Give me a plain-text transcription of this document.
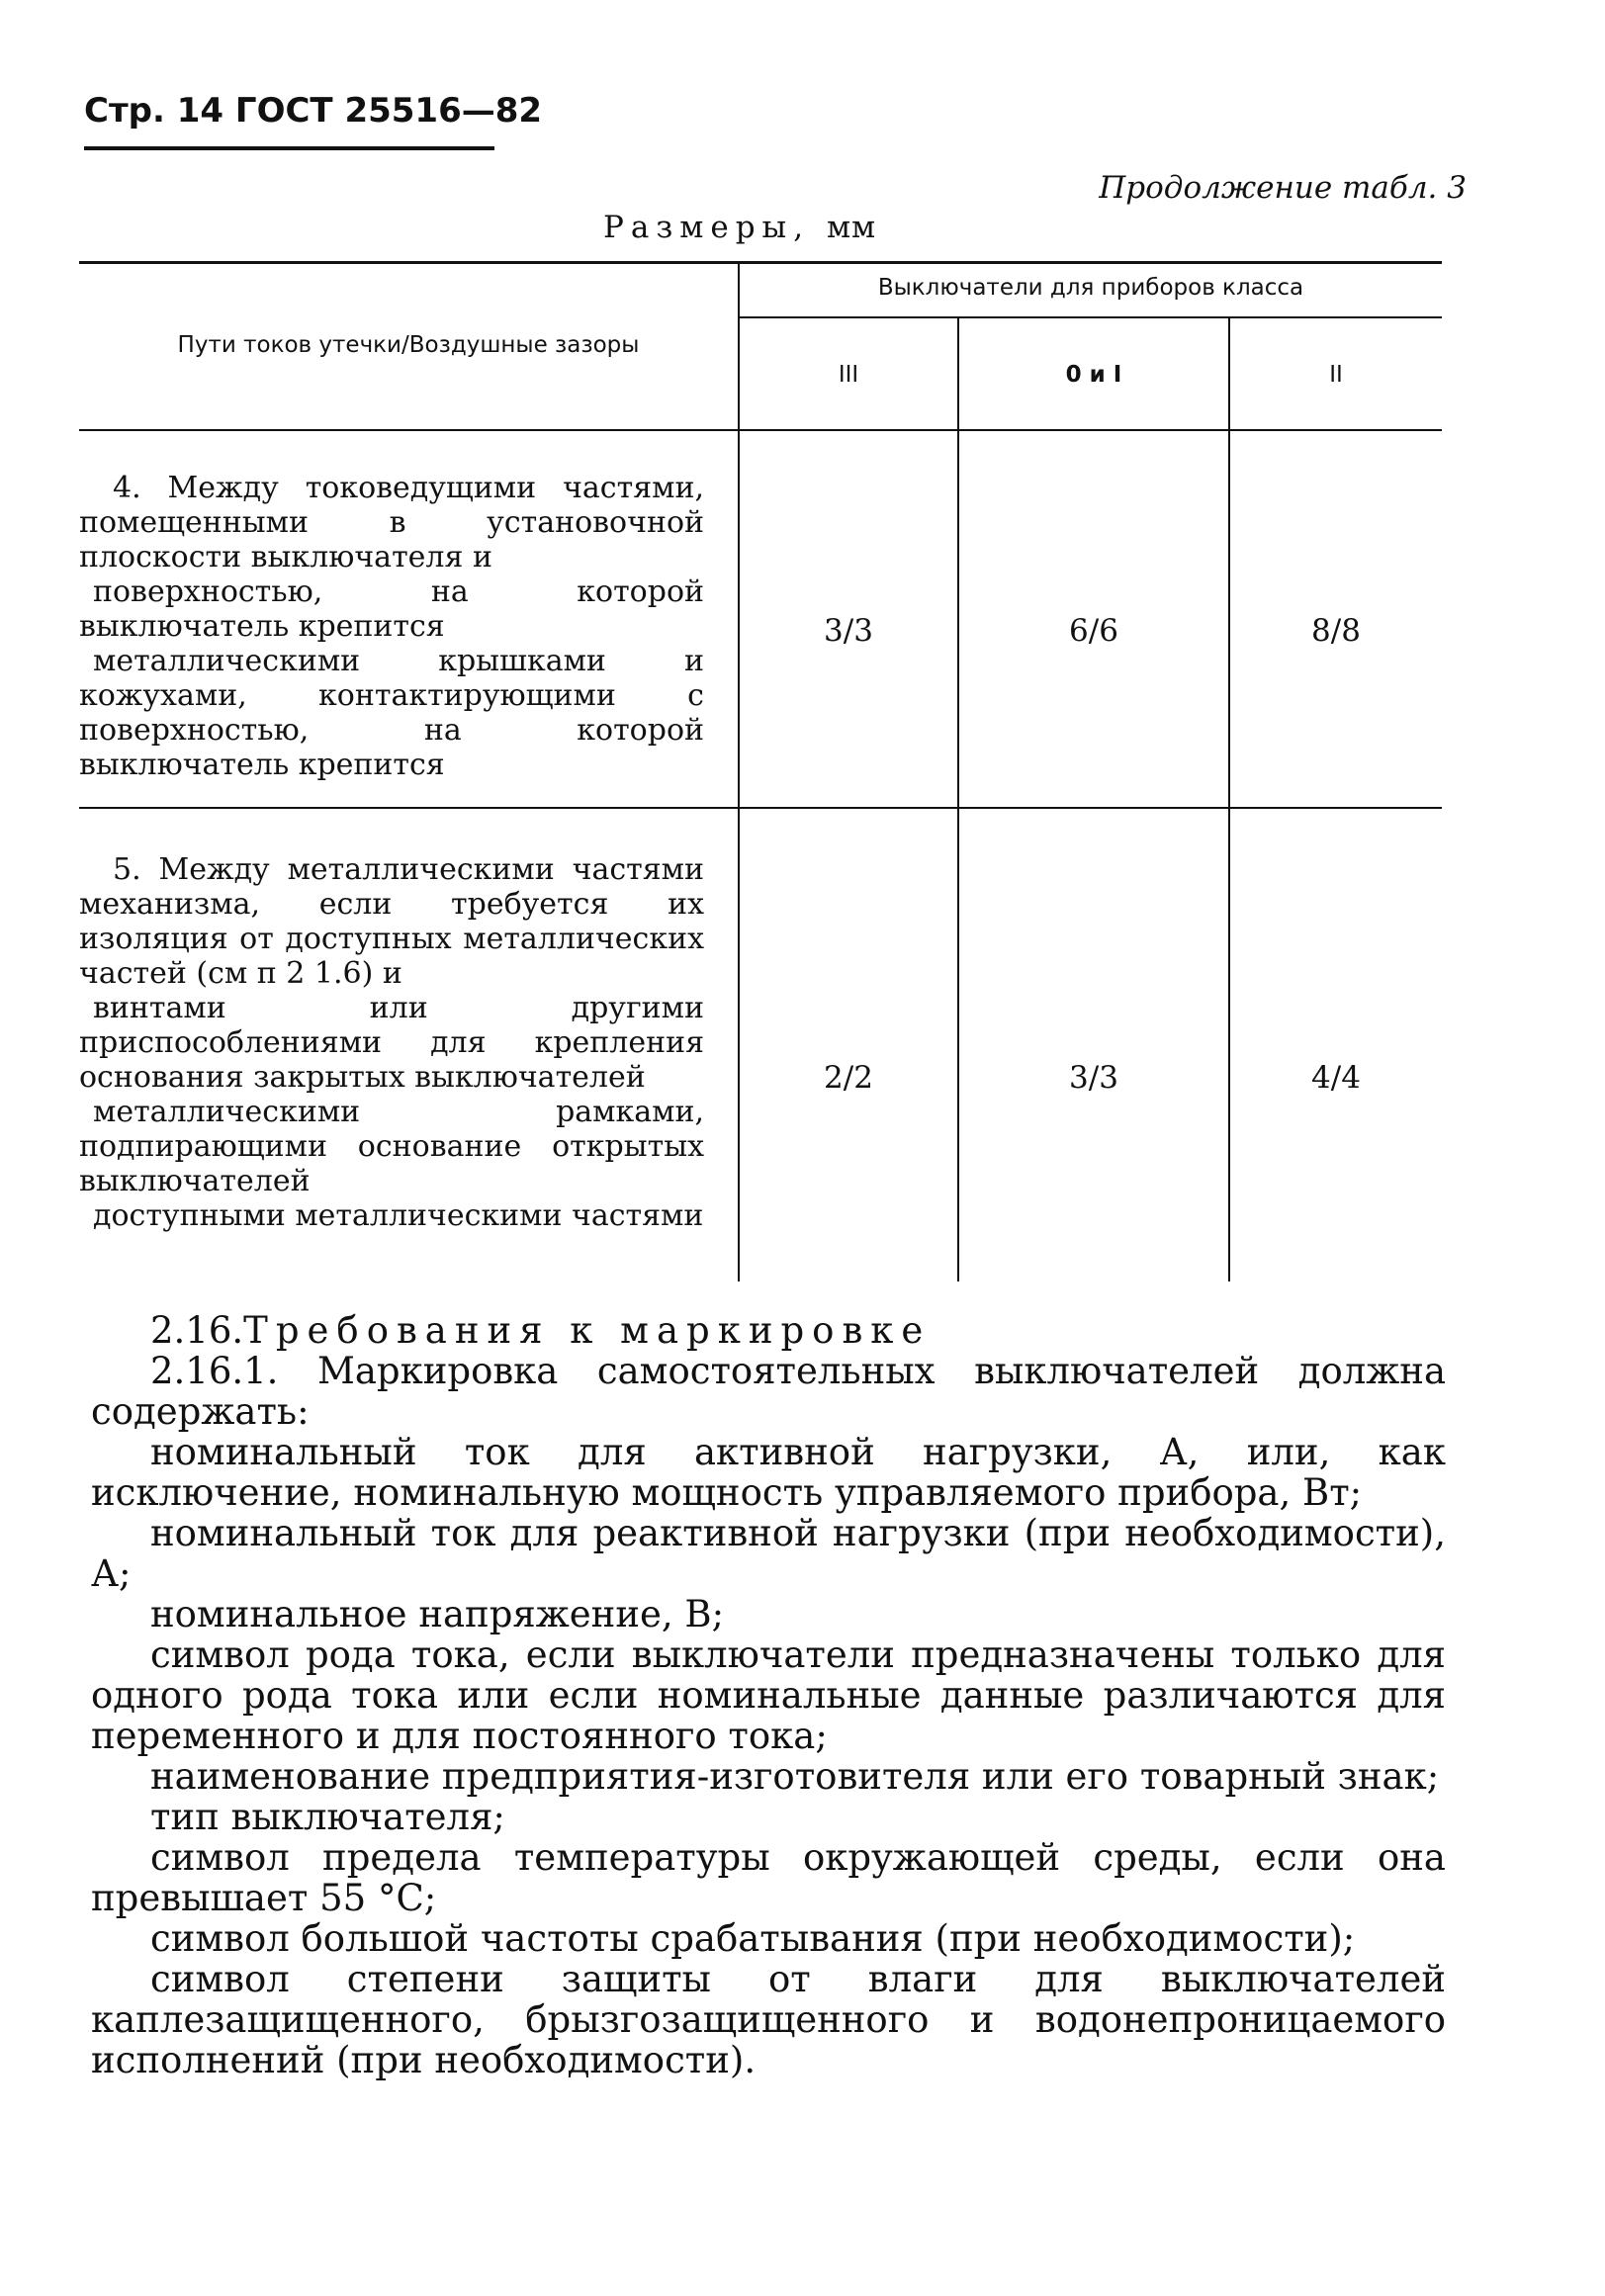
Стр. 14 ГОСТ 25516—82
Продолжение табл. 3
Размеры, мм
Пути токов утечки/Воздушные зазоры
Выключатели для приборов класса
III	0 и I	II
4. Между токоведущими частями, помещенными в установочной плоскости выключателя и
поверхностью, на которой выключатель крепится
металлическими крышками и кожухами, контактирующими с поверхностью, на которой выключатель крепится
3/3	6/6	8/8
5. Между металлическими частями механизма, если требуется их изоляция от доступных металлических частей (см п 2 1.6) и
винтами или другими приспособлениями для крепления основания закрытых выключателей
металлическими рамками, подпирающими основание открытых выключателей
доступными металлическими частями
2/2	3/3	4/4

2.16.Требования к маркировке

2.16.1. Маркировка самостоятельных выключателей должна содержать:

номинальный ток для активной нагрузки, А, или, как исключение, номинальную мощность управляемого прибора, Вт;

номинальный ток для реактивной нагрузки (при необходимости), А;

номинальное напряжение, В;

символ рода тока, если выключатели предназначены только для одного рода тока или если номинальные данные различаются для переменного и для постоянного тока;

наименование предприятия-изготовителя или его товарный знак;

тип выключателя;

символ предела температуры окружающей среды, если она превышает 55 °С;

символ большой частоты срабатывания (при необходимости);

символ степени защиты от влаги для выключателей каплезащищенного, брызгозащищенного и водонепроницаемого исполнений (при необходимости).
